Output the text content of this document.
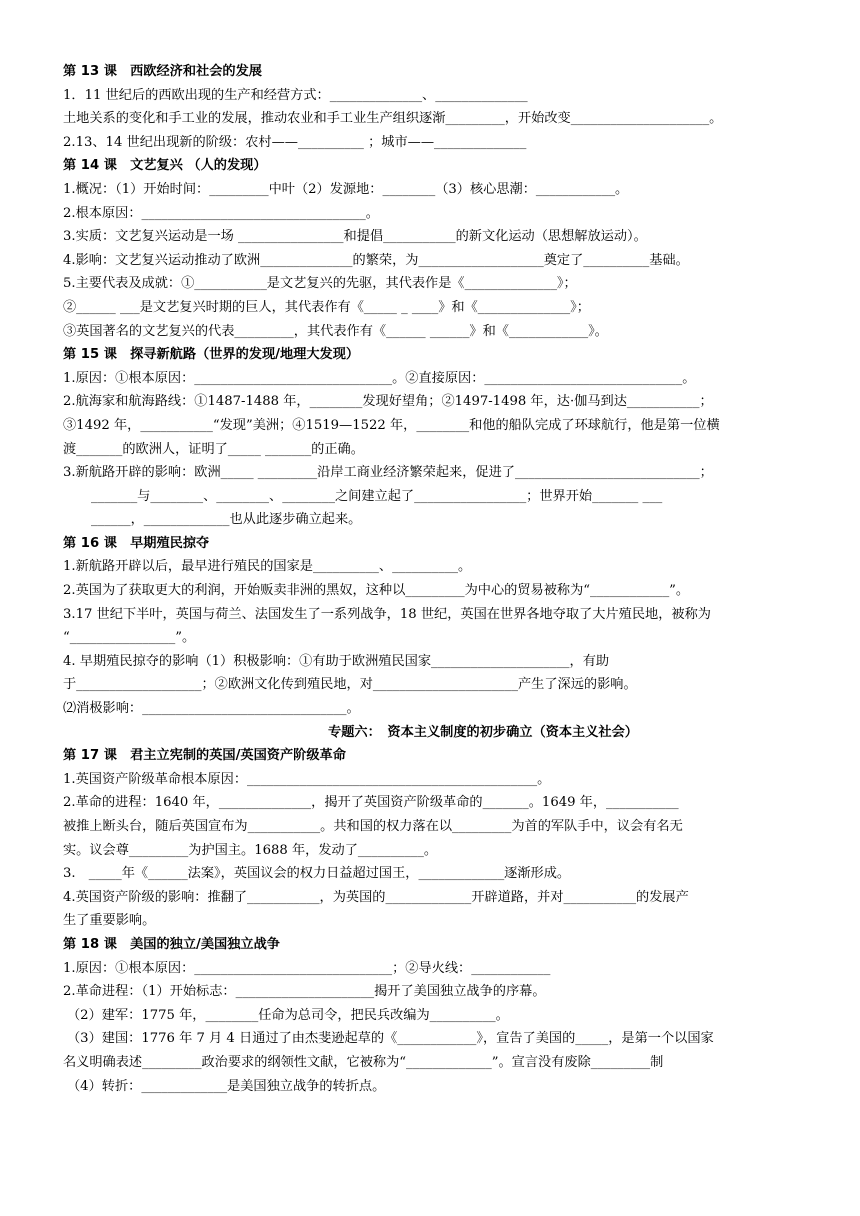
第 13 课　西欧经济和社会的发展
1．11 世纪后的西欧出现的生产和经营方式：______________、______________
土地关系的变化和手工业的发展，推动农业和手工业生产组织逐渐_________，开始改变_____________________。
2.13、14 世纪出现新的阶级：农村——__________ ；城市——______________
第 14 课　文艺复兴 （人的发现）
1.概况：（1）开始时间：_________中叶（2）发源地：________（3）核心思潮：____________。
2.根本原因：__________________________________。
3.实质：文艺复兴运动是一场 ________________和提倡___________的新文化运动（思想解放运动）。
4.影响：文艺复兴运动推动了欧洲______________的繁荣，为___________________奠定了__________基础。
5.主要代表及成就：①___________是文艺复兴的先驱，其代表作是《______________》；
②______ ___是文艺复兴时期的巨人，其代表作有《_____ _ ____》和《______________》；
③英国著名的文艺复兴的代表_________，其代表作有《______ ______》和《____________》。
第 15 课　探寻新航路（世界的发现/地理大发现）
1.原因：①根本原因：______________________________。②直接原因：______________________________。
2.航海家和航海路线：①1487-1488 年，________发现好望角；②1497-1498 年，达·伽马到达___________；
③1492 年，___________“发现”美洲；④1519—1522 年，________和他的船队完成了环球航行，他是第一位横
渡_______的欧洲人，证明了_____ _______的正确。
3.新航路开辟的影响：欧洲_____ _________沿岸工商业经济繁荣起来，促进了____________________________；
_______与________、________、________之间建立起了_________________；世界开始_______ ___
______，_____________也从此逐步确立起来。
第 16 课　早期殖民掠夺
1.新航路开辟以后，最早进行殖民的国家是__________、__________。
2.英国为了获取更大的利润，开始贩卖非洲的黑奴，这种以_________为中心的贸易被称为“____________”。
3.17 世纪下半叶，英国与荷兰、法国发生了一系列战争，18 世纪，英国在世界各地夺取了大片殖民地，被称为
“________________”。
4. 早期殖民掠夺的影响（1）积极影响：①有助于欧洲殖民国家_____________________，有助
于___________________；②欧洲文化传到殖民地，对______________________产生了深远的影响。
⑵消极影响：_______________________________。
专题六：　资本主义制度的初步确立（资本主义社会）
第 17 课　君主立宪制的英国/英国资产阶级革命
1.英国资产阶级革命根本原因：____________________________________________。
2.革命的进程：1640 年，______________，揭开了英国资产阶级革命的_______。1649 年，___________
被推上断头台，随后英国宣布为___________。共和国的权力落在以_________为首的军队手中，议会有名无
实。议会尊_________为护国主。1688 年，发动了__________。
3.　_____年《______法案》，英国议会的权力日益超过国王，_____________逐渐形成。
4.英国资产阶级的影响：推翻了___________，为英国的_____________开辟道路，并对___________的发展产
生了重要影响。
第 18 课　美国的独立/美国独立战争
1.原因：①根本原因：______________________________；②导火线：____________
2.革命进程：（1）开始标志：_____________________揭开了美国独立战争的序幕。
（2）建军：1775 年，________任命为总司令，把民兵改编为__________。
（3）建国：1776 年 7 月 4 日通过了由杰斐逊起草的《____________》，宣告了美国的_____，是第一个以国家
名义明确表述_________政治要求的纲领性文献，它被称为“_____________”。宣言没有废除_________制
（4）转折：_____________是美国独立战争的转折点。
